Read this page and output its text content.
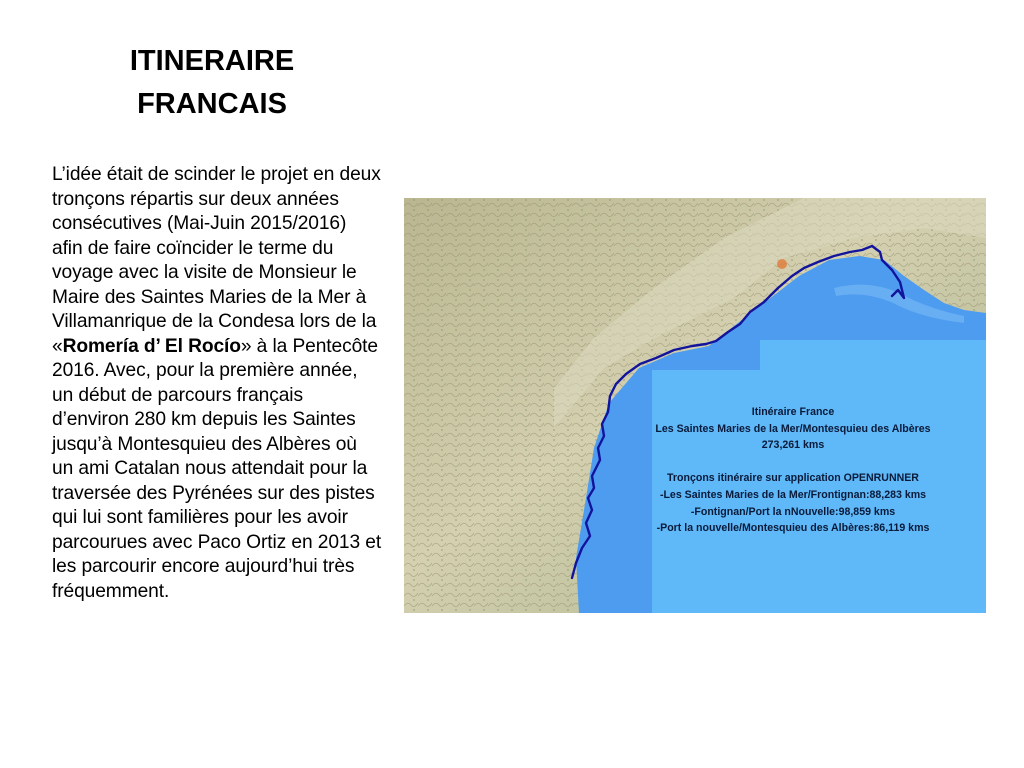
ITINERAIRE
FRANCAIS
L’idée était de scinder le projet en deux tronçons répartis sur deux années consécutives (Mai-Juin 2015/2016) afin de faire coïncider le terme du voyage avec la visite de Monsieur le Maire des Saintes Maries de la Mer à Villamanrique de la Condesa lors de la «Romería d’ El Rocío» à la Pentecôte 2016. Avec, pour la première année, un début de parcours français d’environ 280 km depuis les Saintes jusqu’à Montesquieu des Albères où un ami Catalan nous attendait pour la traversée des Pyrénées sur des pistes qui lui sont familières pour les avoir parcourues avec Paco Ortiz en 2013 et les parcourir encore aujourd’hui très fréquemment.
Itinéraire France
Les Saintes Maries de la Mer/Montesquieu des Albères
273,261 kms
Tronçons itinéraire sur application OPENRUNNER
-Les Saintes Maries de la Mer/Frontignan:88,283 kms
-Fontignan/Port la nNouvelle:98,859 kms
-Port la nouvelle/Montesquieu des Albères:86,119 kms
